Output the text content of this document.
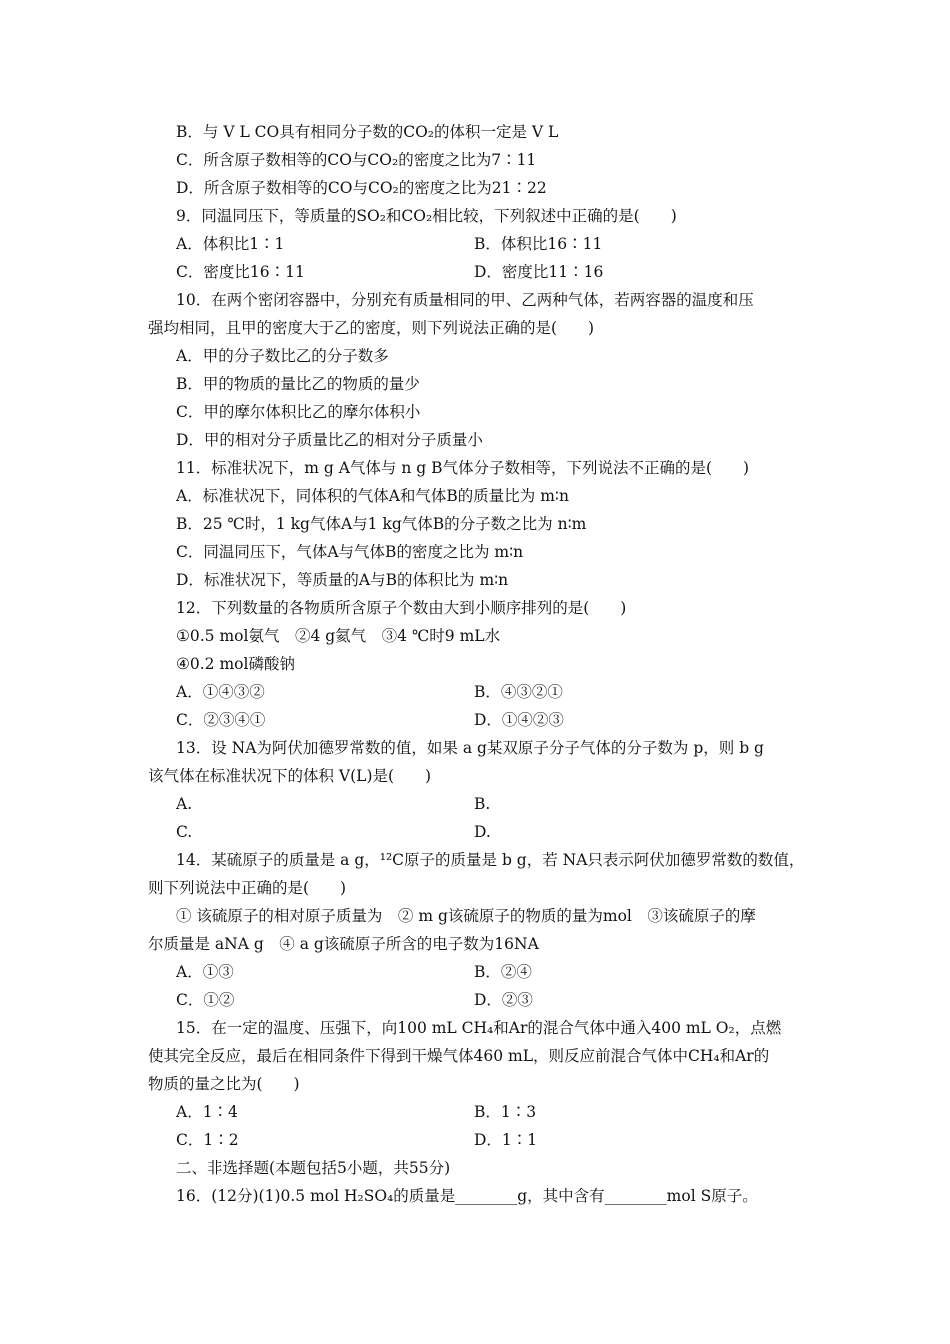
B．与 V L CO具有相同分子数的CO₂的体积一定是 V L
C．所含原子数相等的CO与CO₂的密度之比为7∶11
D．所含原子数相等的CO与CO₂的密度之比为21∶22
9．同温同压下，等质量的SO₂和CO₂相比较，下列叙述中正确的是(　　)
A．体积比1∶1	B．体积比16∶11
C．密度比16∶11	D．密度比11∶16
10．在两个密闭容器中，分别充有质量相同的甲、乙两种气体，若两容器的温度和压
强均相同，且甲的密度大于乙的密度，则下列说法正确的是(　　)
A．甲的分子数比乙的分子数多
B．甲的物质的量比乙的物质的量少
C．甲的摩尔体积比乙的摩尔体积小
D．甲的相对分子质量比乙的相对分子质量小
11．标准状况下，m g A气体与 n g B气体分子数相等，下列说法不正确的是(　　)
A．标准状况下，同体积的气体A和气体B的质量比为 m∶n
B．25 ℃时，1 kg气体A与1 kg气体B的分子数之比为 n∶m
C．同温同压下，气体A与气体B的密度之比为 m∶n
D．标准状况下，等质量的A与B的体积比为 m∶n
12．下列数量的各物质所含原子个数由大到小顺序排列的是(　　)
①0.5 mol氨气　②4 g氦气　③4 ℃时9 mL水
④0.2 mol磷酸钠
A．①④③②	B．④③②①
C．②③④①	D．①④②③
13．设 NA为阿伏加德罗常数的值，如果 a g某双原子分子气体的分子数为 p，则 b g
该气体在标准状况下的体积 V(L)是(　　)
A.	B.
C.	D.
14．某硫原子的质量是 a g，¹²C原子的质量是 b g，若 NA只表示阿伏加德罗常数的数值，
则下列说法中正确的是(　　)
① 该硫原子的相对原子质量为　② m g该硫原子的物质的量为mol　③该硫原子的摩
尔质量是 aNA g　④ a g该硫原子所含的电子数为16NA
A．①③	B．②④
C．①②	D．②③
15．在一定的温度、压强下，向100 mL CH₄和Ar的混合气体中通入400 mL O₂，点燃
使其完全反应，最后在相同条件下得到干燥气体460 mL，则反应前混合气体中CH₄和Ar的
物质的量之比为(　　)
A．1∶4	B．1∶3
C．1∶2	D．1∶1
二、非选择题(本题包括5小题，共55分)
16．(12分)(1)0.5 mol H₂SO₄的质量是________g，其中含有________mol S原子。
